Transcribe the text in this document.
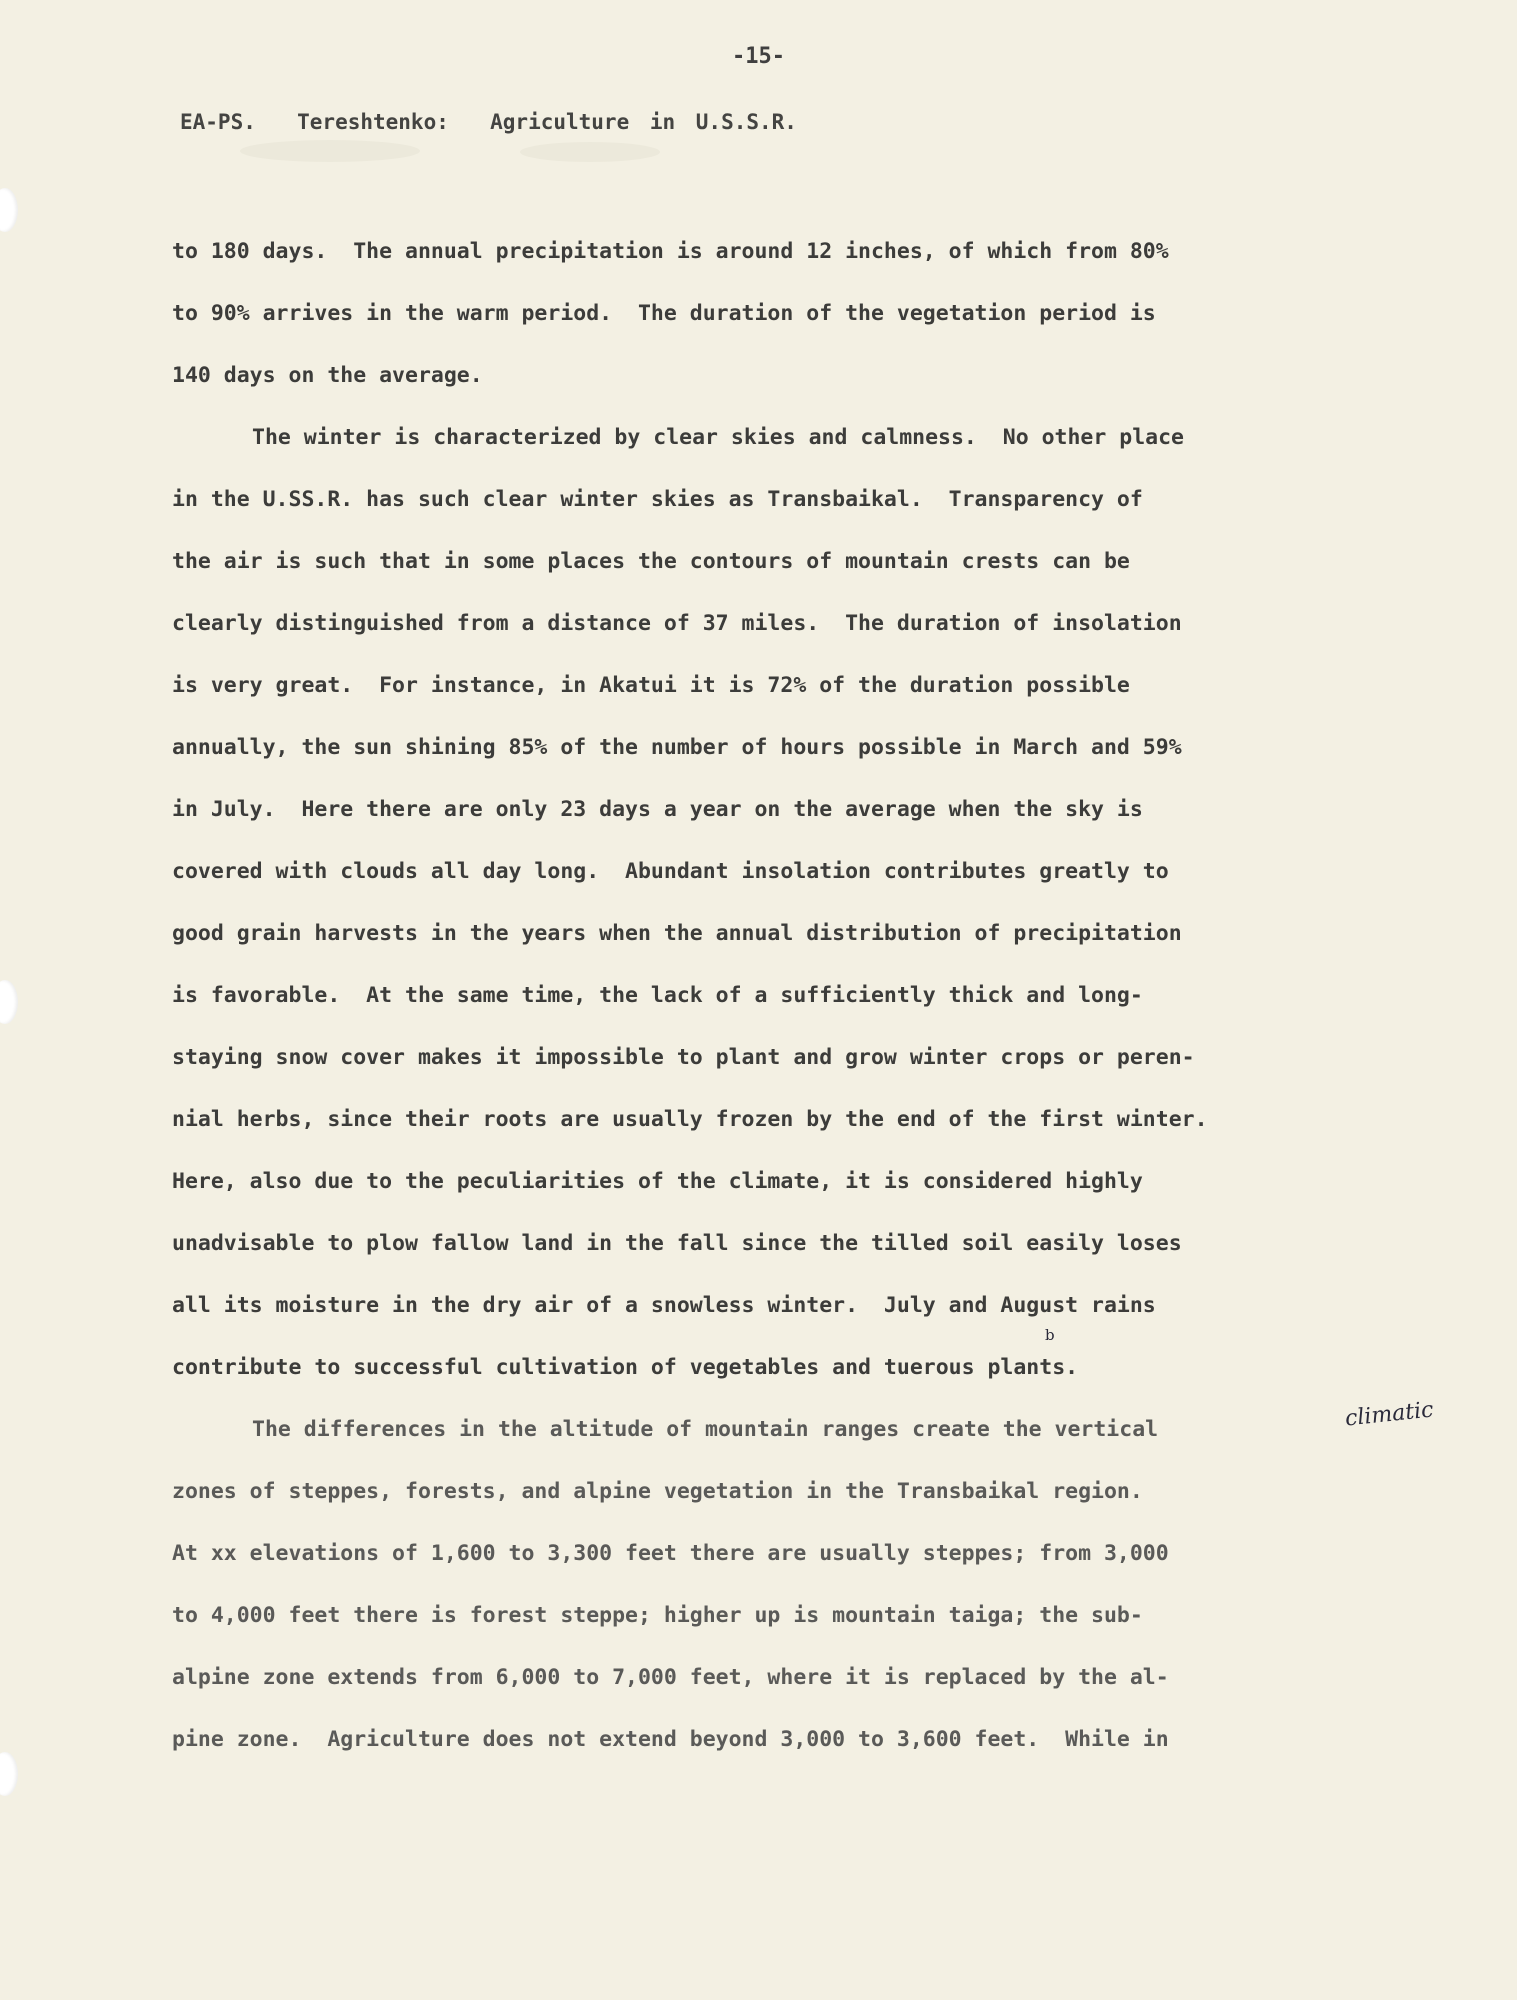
-15-
EA-PS.  Tereshtenko:  Agriculture in U.S.S.R.
to 180 days.  The annual precipitation is around 12 inches, of which from 80%
to 90% arrives in the warm period.  The duration of the vegetation period is
140 days on the average.
The winter is characterized by clear skies and calmness.  No other place
in the U.SS.R. has such clear winter skies as Transbaikal.  Transparency of
the air is such that in some places the contours of mountain crests can be
clearly distinguished from a distance of 37 miles.  The duration of insolation
is very great.  For instance, in Akatui it is 72% of the duration possible
annually, the sun shining 85% of the number of hours possible in March and 59%
in July.  Here there are only 23 days a year on the average when the sky is
covered with clouds all day long.  Abundant insolation contributes greatly to
good grain harvests in the years when the annual distribution of precipitation
is favorable.  At the same time, the lack of a sufficiently thick and long-
staying snow cover makes it impossible to plant and grow winter crops or peren-
nial herbs, since their roots are usually frozen by the end of the first winter.
Here, also due to the peculiarities of the climate, it is considered highly
unadvisable to plow fallow land in the fall since the tilled soil easily loses
all its moisture in the dry air of a snowless winter.  July and August rains
contribute to successful cultivation of vegetables and tuerous plants.
The differences in the altitude of mountain ranges create the vertical
zones of steppes, forests, and alpine vegetation in the Transbaikal region.
At xx elevations of 1,600 to 3,300 feet there are usually steppes; from 3,000
to 4,000 feet there is forest steppe; higher up is mountain taiga; the sub-
alpine zone extends from 6,000 to 7,000 feet, where it is replaced by the al-
pine zone.  Agriculture does not extend beyond 3,000 to 3,600 feet.  While in
b
climatic
